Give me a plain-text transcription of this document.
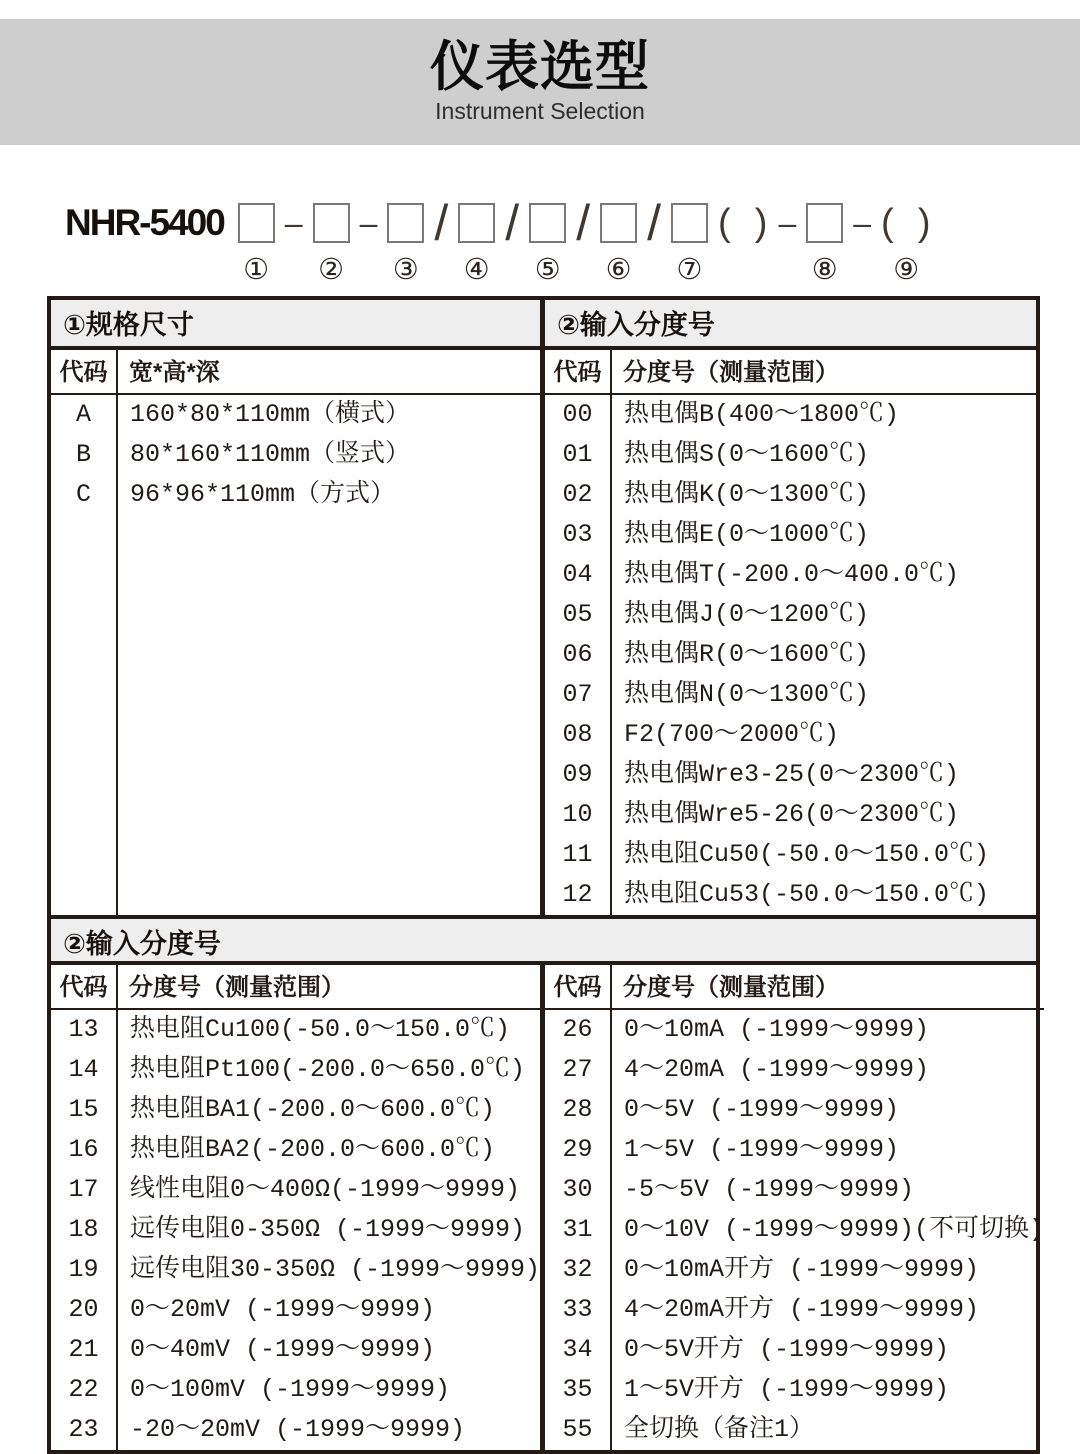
仪表选型
Instrument Selection
NHR-5400
①
–
②
–
③
/
④
/
⑤
/
⑥
/
⑦
(  ) –
⑧
– (  )
⑨
①规格尺寸
代码
A
B
C
宽*高*深
160*80*110mm（横式）
80*160*110mm（竖式）
96*96*110mm（方式）
②输入分度号
代码
00
01
02
03
04
05
06
07
08
09
10
11
12
分度号（测量范围）
热电偶B(400～1800℃)
热电偶S(0～1600℃)
热电偶K(0～1300℃)
热电偶E(0～1000℃)
热电偶T(-200.0～400.0℃)
热电偶J(0～1200℃)
热电偶R(0～1600℃)
热电偶N(0～1300℃)
F2(700～2000℃)
热电偶Wre3-25(0～2300℃)
热电偶Wre5-26(0～2300℃)
热电阻Cu50(-50.0～150.0℃)
热电阻Cu53(-50.0～150.0℃)
②输入分度号
代码
13
14
15
16
17
18
19
20
21
22
23
分度号（测量范围）
热电阻Cu100(-50.0～150.0℃)
热电阻Pt100(-200.0～650.0℃)
热电阻BA1(-200.0～600.0℃)
热电阻BA2(-200.0～600.0℃)
线性电阻0～400Ω(-1999～9999)
远传电阻0-350Ω (-1999～9999)
远传电阻30-350Ω (-1999～9999)
0～20mV (-1999～9999)
0～40mV (-1999～9999)
0～100mV (-1999～9999)
-20～20mV (-1999～9999)
代码
26
27
28
29
30
31
32
33
34
35
55
分度号（测量范围）
0～10mA (-1999～9999)
4～20mA (-1999～9999)
0～5V (-1999～9999)
1～5V (-1999～9999)
-5～5V (-1999～9999)
0～10V (-1999～9999)(不可切换)
0～10mA开方 (-1999～9999)
4～20mA开方 (-1999～9999)
0～5V开方 (-1999～9999)
1～5V开方 (-1999～9999)
全切换（备注1）
